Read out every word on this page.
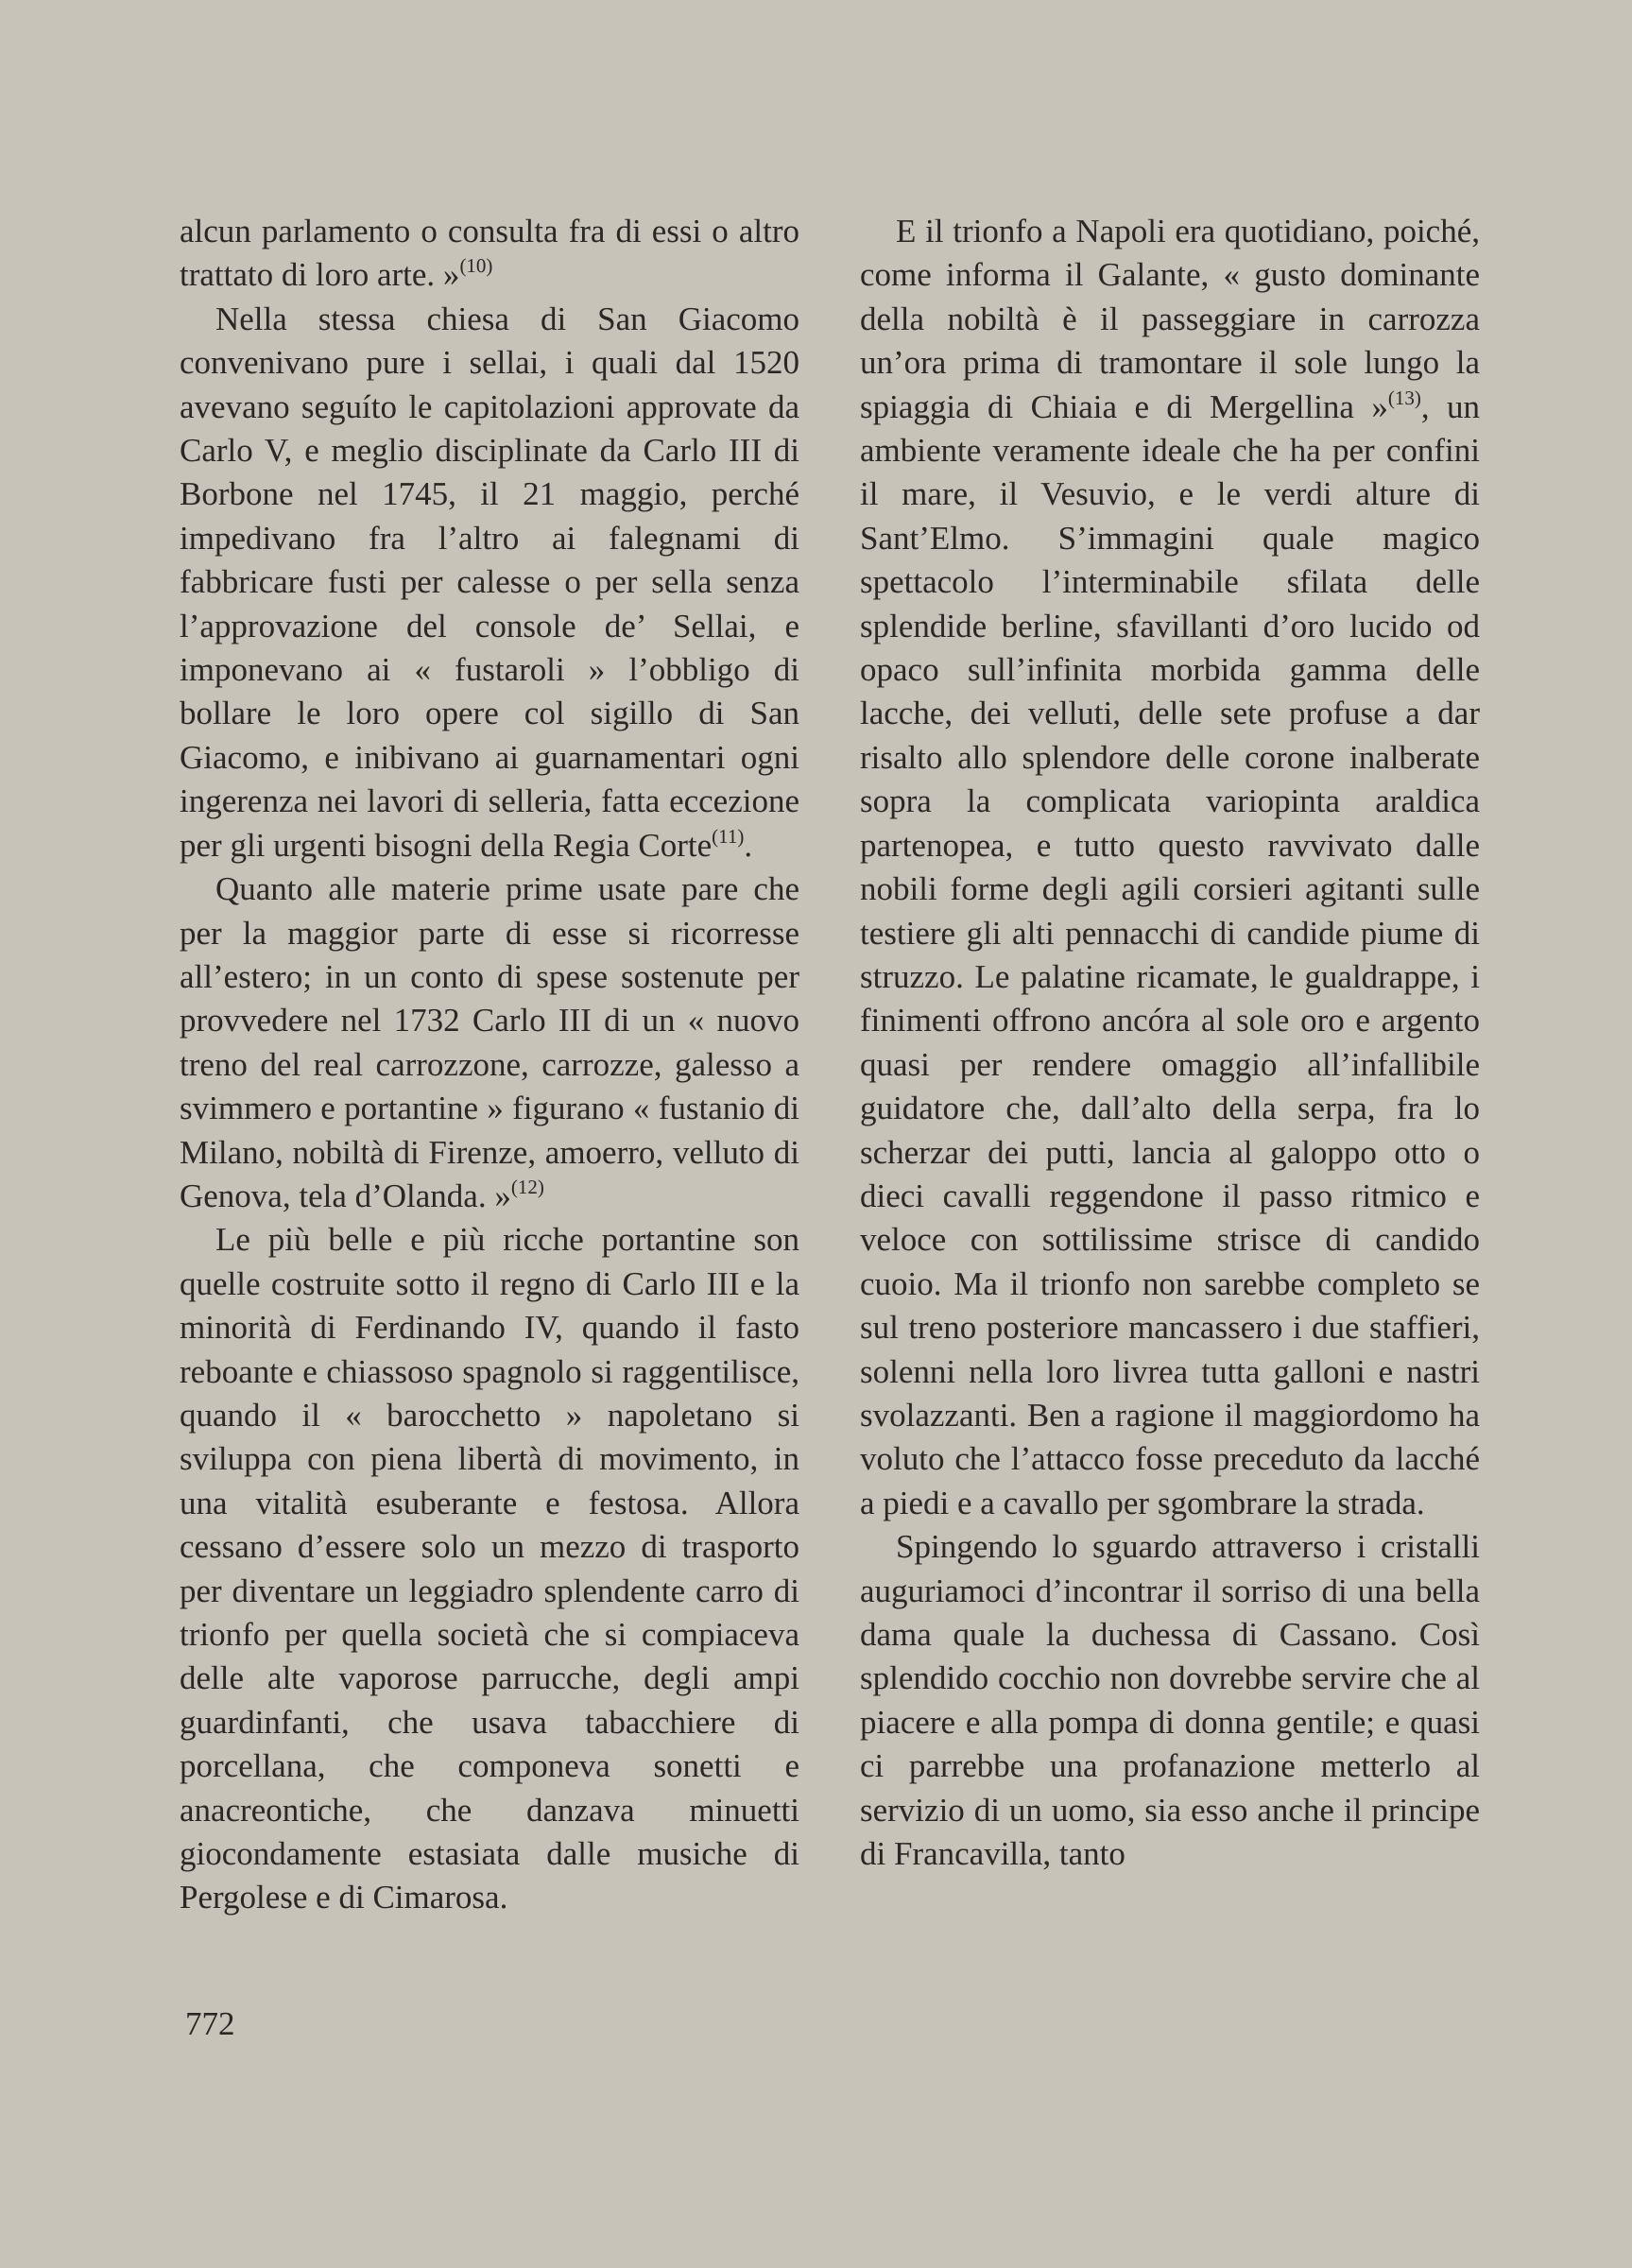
alcun parlamento o consulta fra di essi o altro trattato di loro arte. »$^{(10)}$

Nella stessa chiesa di San Giacomo convenivano pure i sellai, i quali dal 1520 avevano seguíto le capitolazioni approvate da Carlo V, e meglio disciplinate da Carlo III di Borbone nel 1745, il 21 maggio, perché impedivano fra l’altro ai falegnami di fabbricare fusti per calesse o per sella senza l’approvazione del console de’ Sellai, e imponevano ai « fustaroli » l’obbligo di bollare le loro opere col sigillo di San Giacomo, e inibivano ai guarnamentari ogni ingerenza nei lavori di selleria, fatta eccezione per gli urgenti bisogni della Regia Corte$^{(11)}$.

Quanto alle materie prime usate pare che per la maggior parte di esse si ricorresse all’estero; in un conto di spese sostenute per provvedere nel 1732 Carlo III di un « nuovo treno del real carrozzone, carrozze, galesso a svimmero e portantine » figurano « fustanio di Milano, nobiltà di Firenze, amoerro, velluto di Genova, tela d’Olanda. »$^{(12)}$

Le più belle e più ricche portantine son quelle costruite sotto il regno di Carlo III e la minorità di Ferdinando IV, quando il fasto reboante e chiassoso spagnolo si raggentilisce, quando il « barocchetto » napoletano si sviluppa con piena libertà di movimento, in una vitalità esuberante e festosa. Allora cessano d’essere solo un mezzo di trasporto per diventare un leggiadro splendente carro di trionfo per quella società che si compiaceva delle alte vaporose parrucche, degli ampi guardinfanti, che usava tabacchiere di porcellana, che componeva sonetti e anacreontiche, che danzava minuetti giocondamente estasiata dalle musiche di Pergolese e di Cimarosa.

E il trionfo a Napoli era quotidiano, poiché, come informa il Galante, « gusto dominante della nobiltà è il passeggiare in carrozza un’ora prima di tramontare il sole lungo la spiaggia di Chiaia e di Mergellina »$^{(13)}$, un ambiente veramente ideale che ha per confini il mare, il Vesuvio, e le verdi alture di Sant’Elmo. S’immagini quale magico spettacolo l’interminabile sfilata delle splendide berline, sfavillanti d’oro lucido od opaco sull’infinita morbida gamma delle lacche, dei velluti, delle sete profuse a dar risalto allo splendore delle corone inalberate sopra la complicata variopinta araldica partenopea, e tutto questo ravvivato dalle nobili forme degli agili corsieri agitanti sulle testiere gli alti pennacchi di candide piume di struzzo. Le palatine ricamate, le gualdrappe, i finimenti offrono ancóra al sole oro e argento quasi per rendere omaggio all’infallibile guidatore che, dall’alto della serpa, fra lo scherzar dei putti, lancia al galoppo otto o dieci cavalli reggendone il passo ritmico e veloce con sottilissime strisce di candido cuoio. Ma il trionfo non sarebbe completo se sul treno posteriore mancassero i due staffieri, solenni nella loro livrea tutta galloni e nastri svolazzanti. Ben a ragione il maggiordomo ha voluto che l’attacco fosse preceduto da lacché a piedi e a cavallo per sgombrare la strada.

Spingendo lo sguardo attraverso i cristalli auguriamoci d’incontrar il sorriso di una bella dama quale la duchessa di Cassano. Così splendido cocchio non dovrebbe servire che al piacere e alla pompa di donna gentile; e quasi ci parrebbe una profanazione metterlo al servizio di un uomo, sia esso anche il principe di Francavilla, tanto

772
